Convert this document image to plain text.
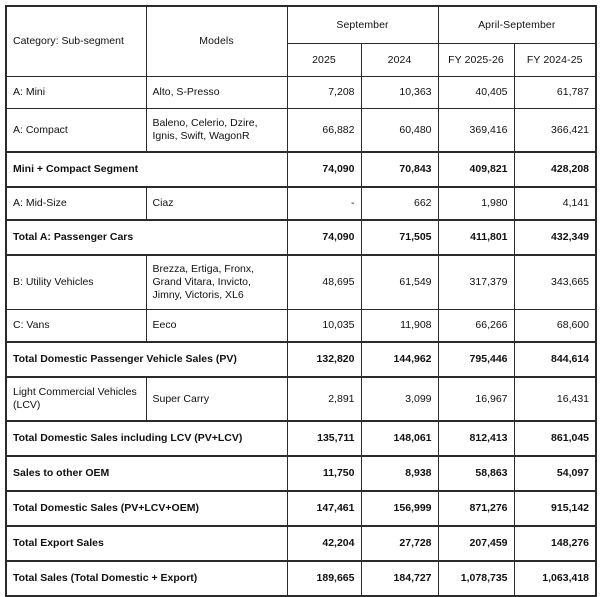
Category: Sub-segment	Models	September		April-September	
		2025	2024	FY 2025-26	FY 2024-25
A: Mini	Alto, S-Presso	7,208	10,363	40,405	61,787
A: Compact	Baleno, Celerio, Dzire, Ignis, Swift, WagonR	66,882	60,480	369,416	366,421
Mini + Compact Segment		74,090	70,843	409,821	428,208
A: Mid-Size	Ciaz	-	662	1,980	4,141
Total A: Passenger Cars		74,090	71,505	411,801	432,349
B: Utility Vehicles	Brezza, Ertiga, Fronx, Grand Vitara, Invicto, Jimny, Victoris, XL6	48,695	61,549	317,379	343,665
C: Vans	Eeco	10,035	11,908	66,266	68,600
Total Domestic Passenger Vehicle Sales (PV)		132,820	144,962	795,446	844,614
Light Commercial Vehicles (LCV)	Super Carry	2,891	3,099	16,967	16,431
Total Domestic Sales including LCV (PV+LCV)		135,711	148,061	812,413	861,045
Sales to other OEM		11,750	8,938	58,863	54,097
Total Domestic Sales (PV+LCV+OEM)		147,461	156,999	871,276	915,142
Total Export Sales		42,204	27,728	207,459	148,276
Total Sales (Total Domestic + Export)		189,665	184,727	1,078,735	1,063,418
